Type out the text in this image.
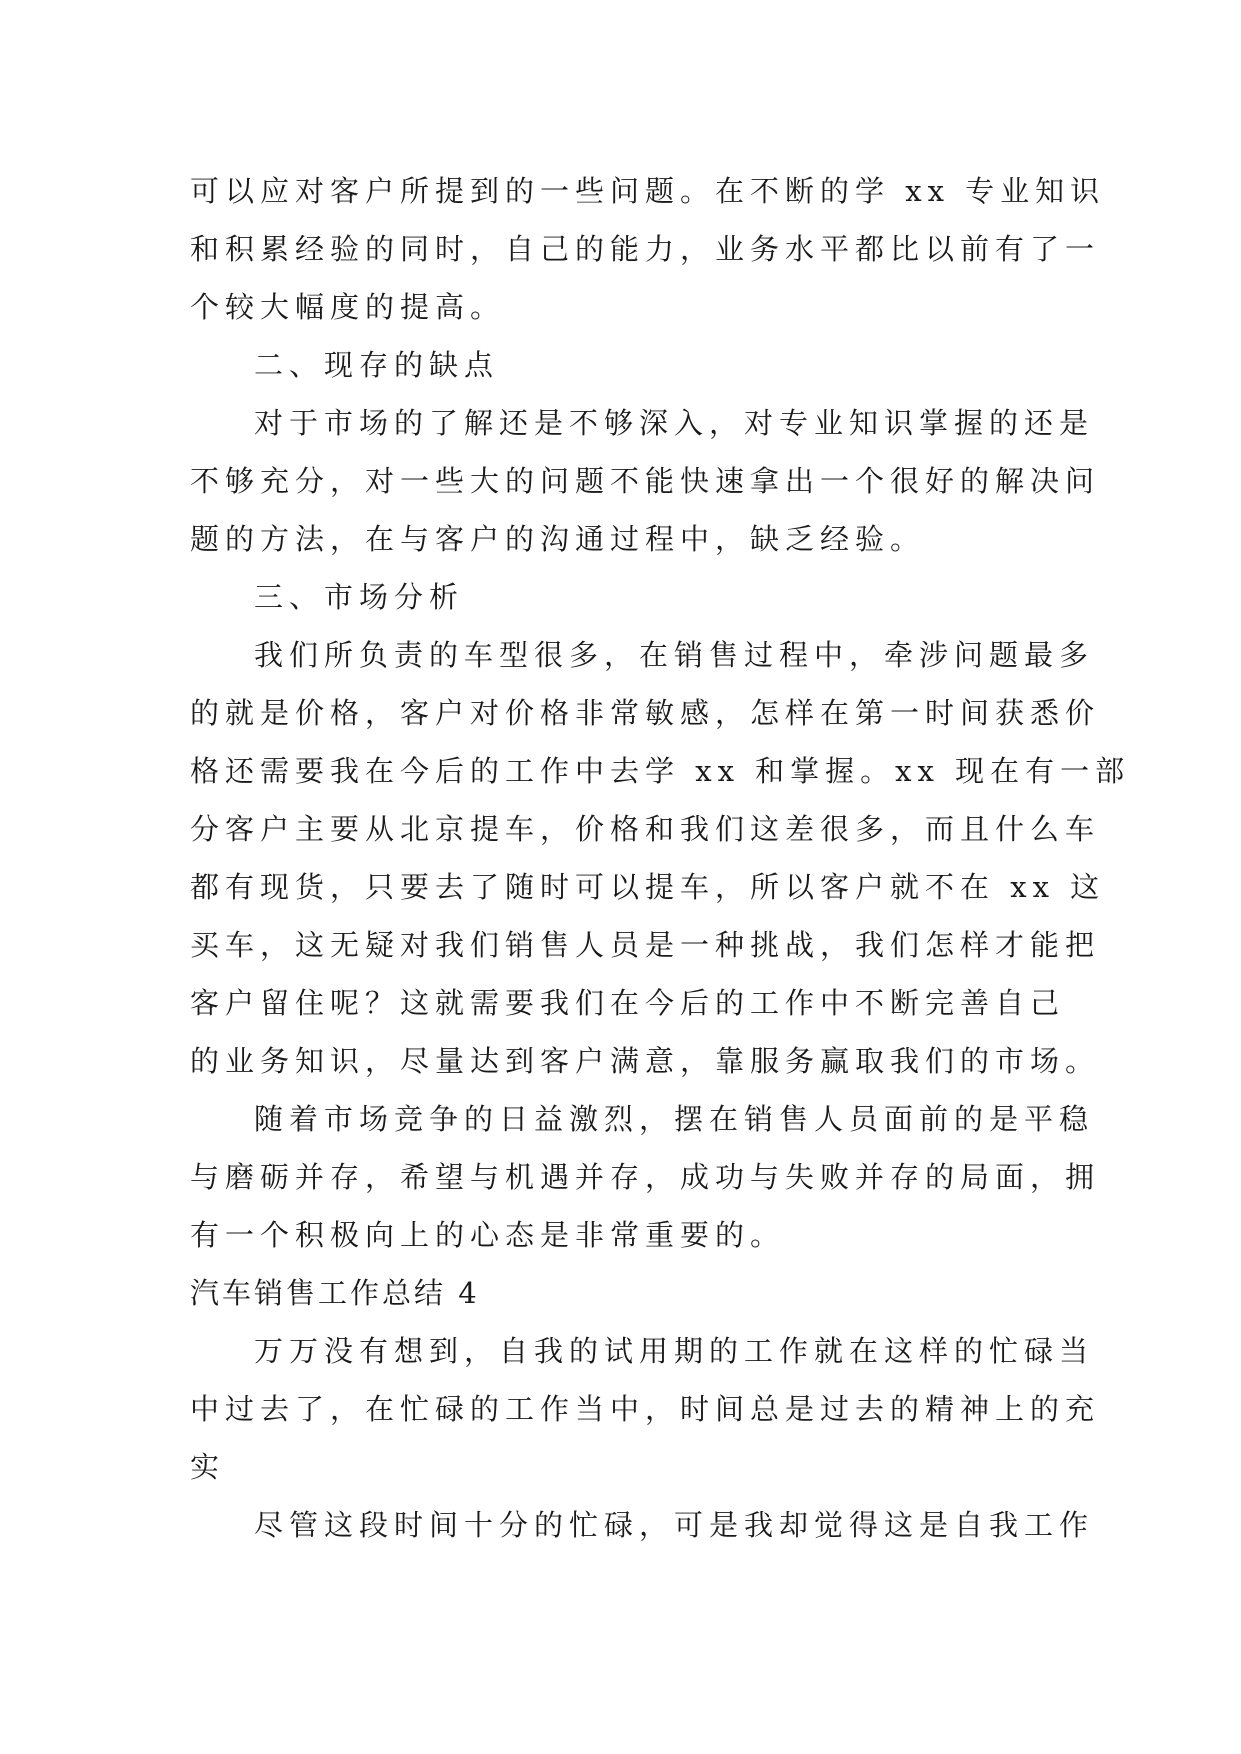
可以应对客户所提到的一些问题。在不断的学 xx 专业知识
和积累经验的同时，自己的能力，业务水平都比以前有了一
个较大幅度的提高。
二、现存的缺点
对于市场的了解还是不够深入，对专业知识掌握的还是
不够充分，对一些大的问题不能快速拿出一个很好的解决问
题的方法，在与客户的沟通过程中，缺乏经验。
三、市场分析
我们所负责的车型很多，在销售过程中，牵涉问题最多
的就是价格，客户对价格非常敏感，怎样在第一时间获悉价
格还需要我在今后的工作中去学 xx 和掌握。xx 现在有一部
分客户主要从北京提车，价格和我们这差很多，而且什么车
都有现货，只要去了随时可以提车，所以客户就不在 xx 这
买车，这无疑对我们销售人员是一种挑战，我们怎样才能把
客户留住呢？这就需要我们在今后的工作中不断完善自己
的业务知识，尽量达到客户满意，靠服务赢取我们的市场。
随着市场竞争的日益激烈，摆在销售人员面前的是平稳
与磨砺并存，希望与机遇并存，成功与失败并存的局面，拥
有一个积极向上的心态是非常重要的。
汽车销售工作总结 4
万万没有想到，自我的试用期的工作就在这样的忙碌当
中过去了，在忙碌的工作当中，时间总是过去的精神上的充
实
尽管这段时间十分的忙碌，可是我却觉得这是自我工作
